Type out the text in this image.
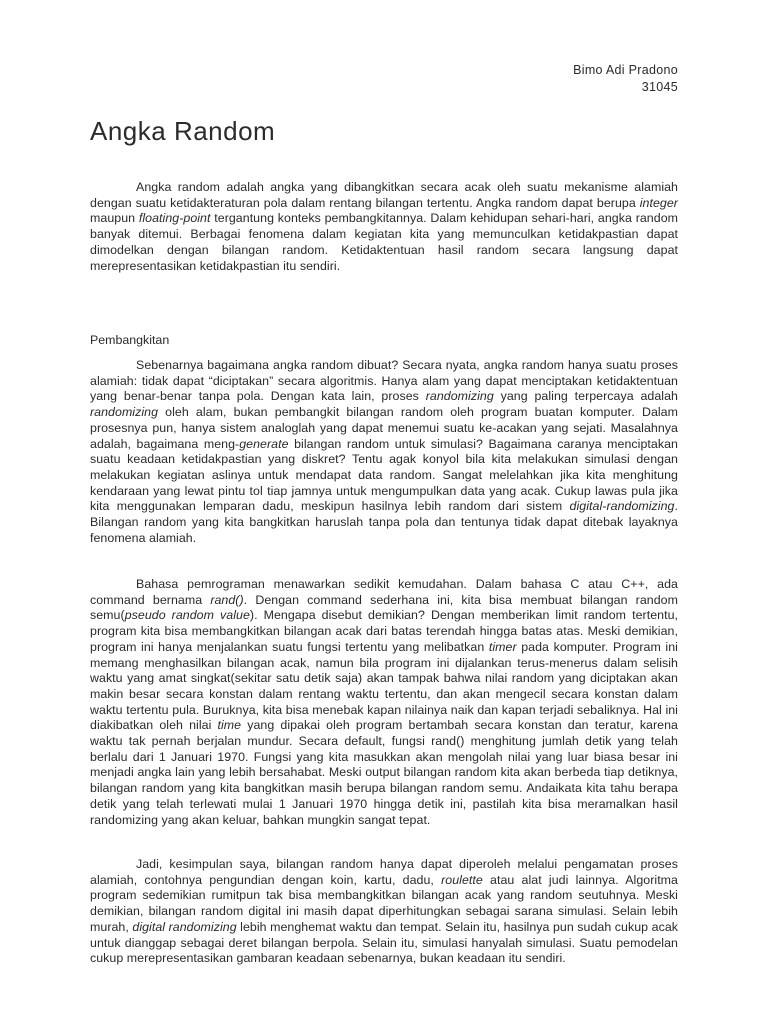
Bimo Adi Pradono
31045
Angka Random

Angka random adalah angka yang dibangkitkan secara acak oleh suatu mekanisme alamiah dengan suatu ketidakteraturan pola dalam rentang bilangan tertentu. Angka random dapat berupa integer maupun floating-point tergantung konteks pembangkitannya. Dalam kehidupan sehari-hari, angka random banyak ditemui. Berbagai fenomena dalam kegiatan kita yang memunculkan ketidakpastian dapat dimodelkan dengan bilangan random. Ketidaktentuan hasil random secara langsung dapat merepresentasikan ketidakpastian itu sendiri.

Pembangkitan

Sebenarnya bagaimana angka random dibuat? Secara nyata, angka random hanya suatu proses alamiah: tidak dapat “diciptakan” secara algoritmis. Hanya alam yang dapat menciptakan ketidaktentuan yang benar-benar tanpa pola. Dengan kata lain, proses randomizing yang paling terpercaya adalah randomizing oleh alam, bukan pembangkit bilangan random oleh program buatan komputer. Dalam prosesnya pun, hanya sistem analoglah yang dapat menemui suatu ke-acakan yang sejati. Masalahnya adalah, bagaimana meng-generate bilangan random untuk simulasi? Bagaimana caranya menciptakan suatu keadaan ketidakpastian yang diskret? Tentu agak konyol bila kita melakukan simulasi dengan melakukan kegiatan aslinya untuk mendapat data random. Sangat melelahkan jika kita menghitung kendaraan yang lewat pintu tol tiap jamnya untuk mengumpulkan data yang acak. Cukup lawas pula jika kita menggunakan lemparan dadu, meskipun hasilnya lebih random dari sistem digital-randomizing. Bilangan random yang kita bangkitkan haruslah tanpa pola dan tentunya tidak dapat ditebak layaknya fenomena alamiah.

Bahasa pemrograman menawarkan sedikit kemudahan. Dalam bahasa C atau C++, ada command bernama rand(). Dengan command sederhana ini, kita bisa membuat bilangan random semu(pseudo random value). Mengapa disebut demikian? Dengan memberikan limit random tertentu, program kita bisa membangkitkan bilangan acak dari batas terendah hingga batas atas. Meski demikian, program ini hanya menjalankan suatu fungsi tertentu yang melibatkan timer pada komputer. Program ini memang menghasilkan bilangan acak, namun bila program ini dijalankan terus-menerus dalam selisih waktu yang amat singkat(sekitar satu detik saja) akan tampak bahwa nilai random yang diciptakan akan makin besar secara konstan dalam rentang waktu tertentu, dan akan mengecil secara konstan dalam waktu tertentu pula. Buruknya, kita bisa menebak kapan nilainya naik dan kapan terjadi sebaliknya. Hal ini diakibatkan oleh nilai time yang dipakai oleh program bertambah secara konstan dan teratur, karena waktu tak pernah berjalan mundur. Secara default, fungsi rand() menghitung jumlah detik yang telah berlalu dari 1 Januari 1970. Fungsi yang kita masukkan akan mengolah nilai yang luar biasa besar ini menjadi angka lain yang lebih bersahabat. Meski output bilangan random kita akan berbeda tiap detiknya, bilangan random yang kita bangkitkan masih berupa bilangan random semu. Andaikata kita tahu berapa detik yang telah terlewati mulai 1 Januari 1970 hingga detik ini, pastilah kita bisa meramalkan hasil randomizing yang akan keluar, bahkan mungkin sangat tepat.

Jadi, kesimpulan saya, bilangan random hanya dapat diperoleh melalui pengamatan proses alamiah, contohnya pengundian dengan koin, kartu, dadu, roulette atau alat judi lainnya. Algoritma program sedemikian rumitpun tak bisa membangkitkan bilangan acak yang random seutuhnya. Meski demikian, bilangan random digital ini masih dapat diperhitungkan sebagai sarana simulasi. Selain lebih murah, digital randomizing lebih menghemat waktu dan tempat. Selain itu, hasilnya pun sudah cukup acak untuk dianggap sebagai deret bilangan berpola. Selain itu, simulasi hanyalah simulasi. Suatu pemodelan cukup merepresentasikan gambaran keadaan sebenarnya, bukan keadaan itu sendiri.
